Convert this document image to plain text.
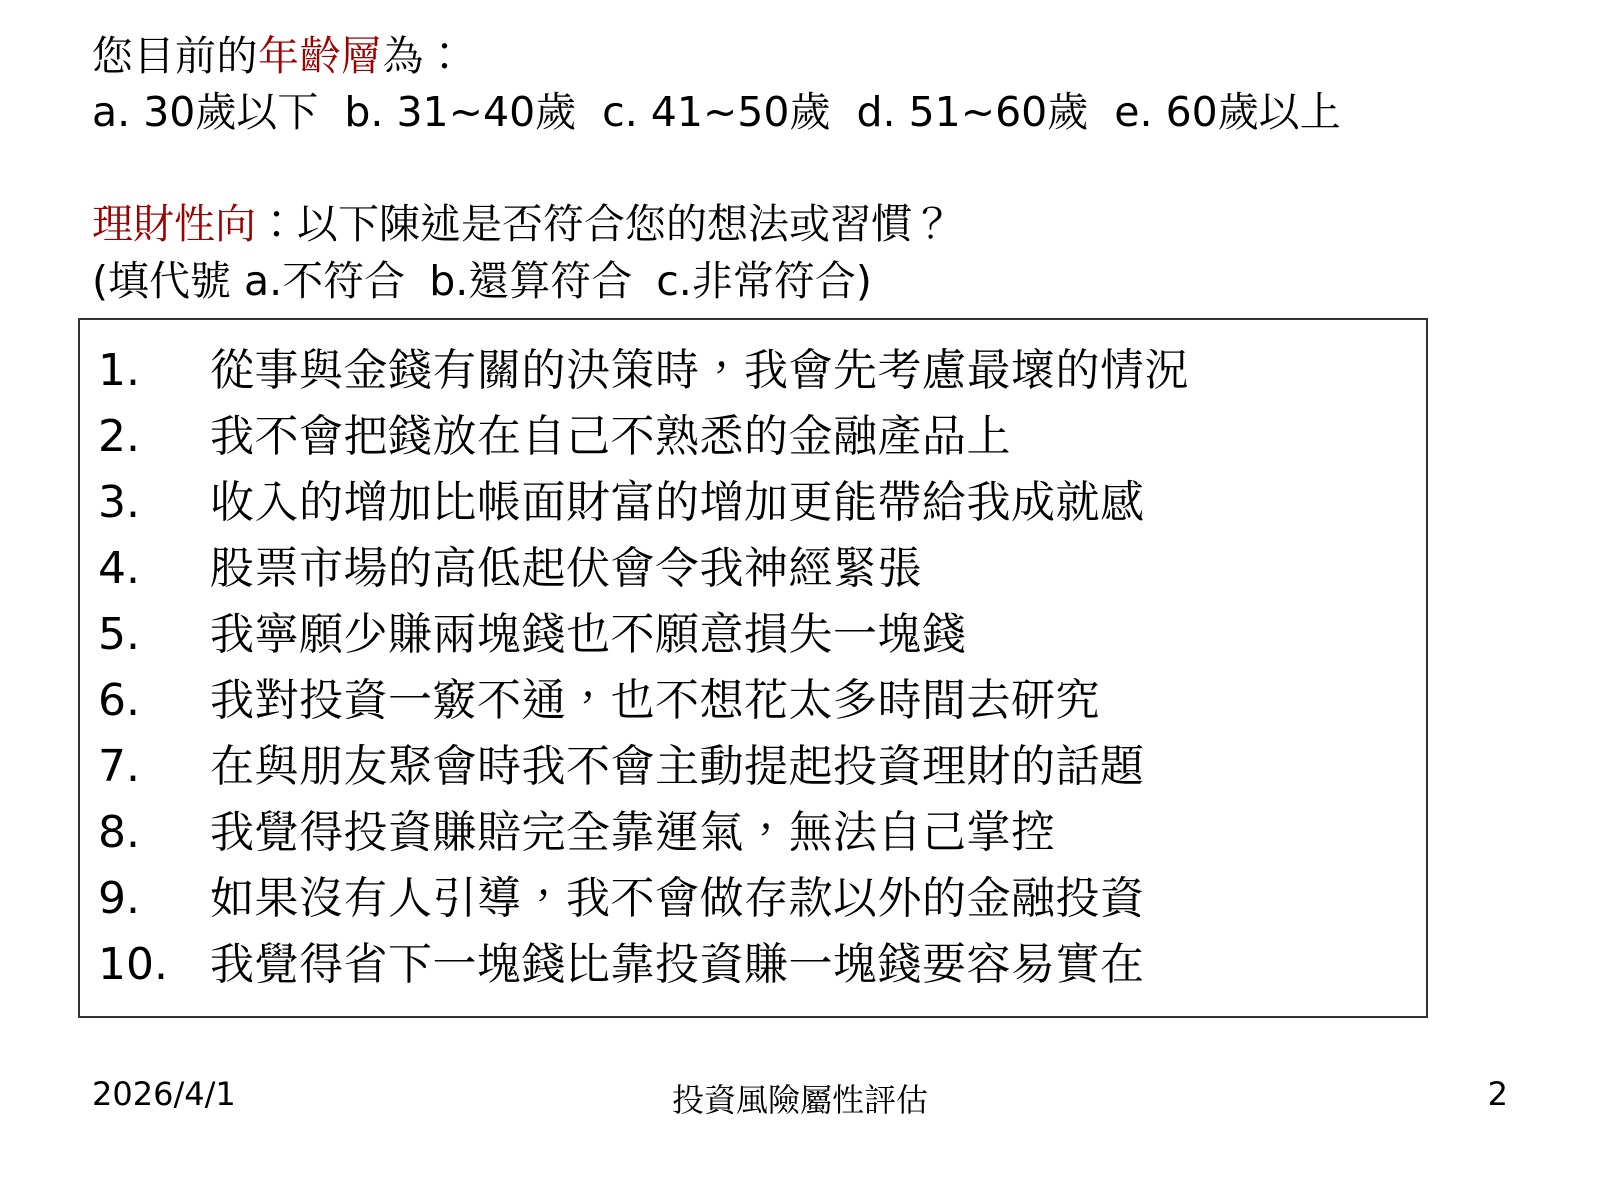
您目前的年齡層為：
a. 30歲以下 b. 31~40歲 c. 41~50歲 d. 51~60歲 e. 60歲以上
理財性向：以下陳述是否符合您的想法或習慣？
(填代號 a.不符合 b.還算符合 c.非常符合)
1.	從事與金錢有關的決策時，我會先考慮最壞的情況
2.	我不會把錢放在自己不熟悉的金融產品上
3.	收入的增加比帳面財富的增加更能帶給我成就感
4.	股票市場的高低起伏會令我神經緊張
5.	我寧願少賺兩塊錢也不願意損失一塊錢
6.	我對投資一竅不通，也不想花太多時間去研究
7.	在與朋友聚會時我不會主動提起投資理財的話題
8.	我覺得投資賺賠完全靠運氣，無法自己掌控
9.	如果沒有人引導，我不會做存款以外的金融投資
10. 我覺得省下一塊錢比靠投資賺一塊錢要容易實在
2026/4/1	投資風險屬性評估	2
